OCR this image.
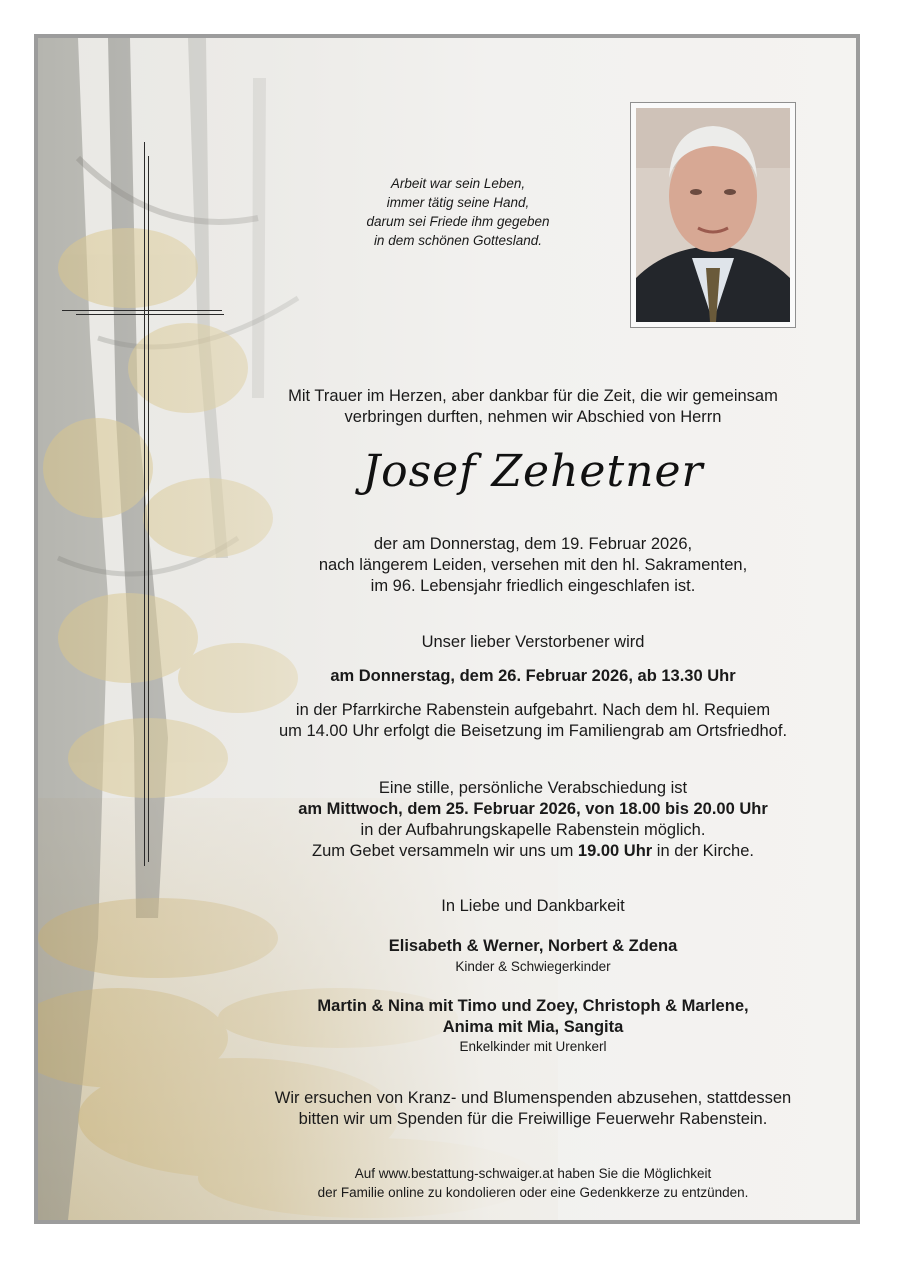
Arbeit war sein Leben,
immer tätig seine Hand,
darum sei Friede ihm gegeben
in dem schönen Gottesland.
Mit Trauer im Herzen, aber dankbar für die Zeit, die wir gemeinsam
verbringen durften, nehmen wir Abschied von Herrn
Josef Zehetner
der am Donnerstag, dem 19. Februar 2026,
nach längerem Leiden, versehen mit den hl. Sakramenten,
im 96. Lebensjahr friedlich eingeschlafen ist.
Unser lieber Verstorbener wird
am Donnerstag, dem 26. Februar 2026, ab 13.30 Uhr
in der Pfarrkirche Rabenstein aufgebahrt. Nach dem hl. Requiem
um 14.00 Uhr erfolgt die Beisetzung im Familiengrab am Ortsfriedhof.
Eine stille, persönliche Verabschiedung ist
am Mittwoch, dem 25. Februar 2026, von 18.00 bis 20.00 Uhr
in der Aufbahrungskapelle Rabenstein möglich.
Zum Gebet versammeln wir uns um 19.00 Uhr in der Kirche.
In Liebe und Dankbarkeit
Elisabeth & Werner, Norbert & Zdena
Kinder & Schwiegerkinder
Martin & Nina mit Timo und Zoey, Christoph & Marlene,
Anima mit Mia, Sangita
Enkelkinder mit Urenkerl
Wir ersuchen von Kranz- und Blumenspenden abzusehen, stattdessen
bitten wir um Spenden für die Freiwillige Feuerwehr Rabenstein.
Auf www.bestattung-schwaiger.at haben Sie die Möglichkeit
der Familie online zu kondolieren oder eine Gedenkkerze zu entzünden.
